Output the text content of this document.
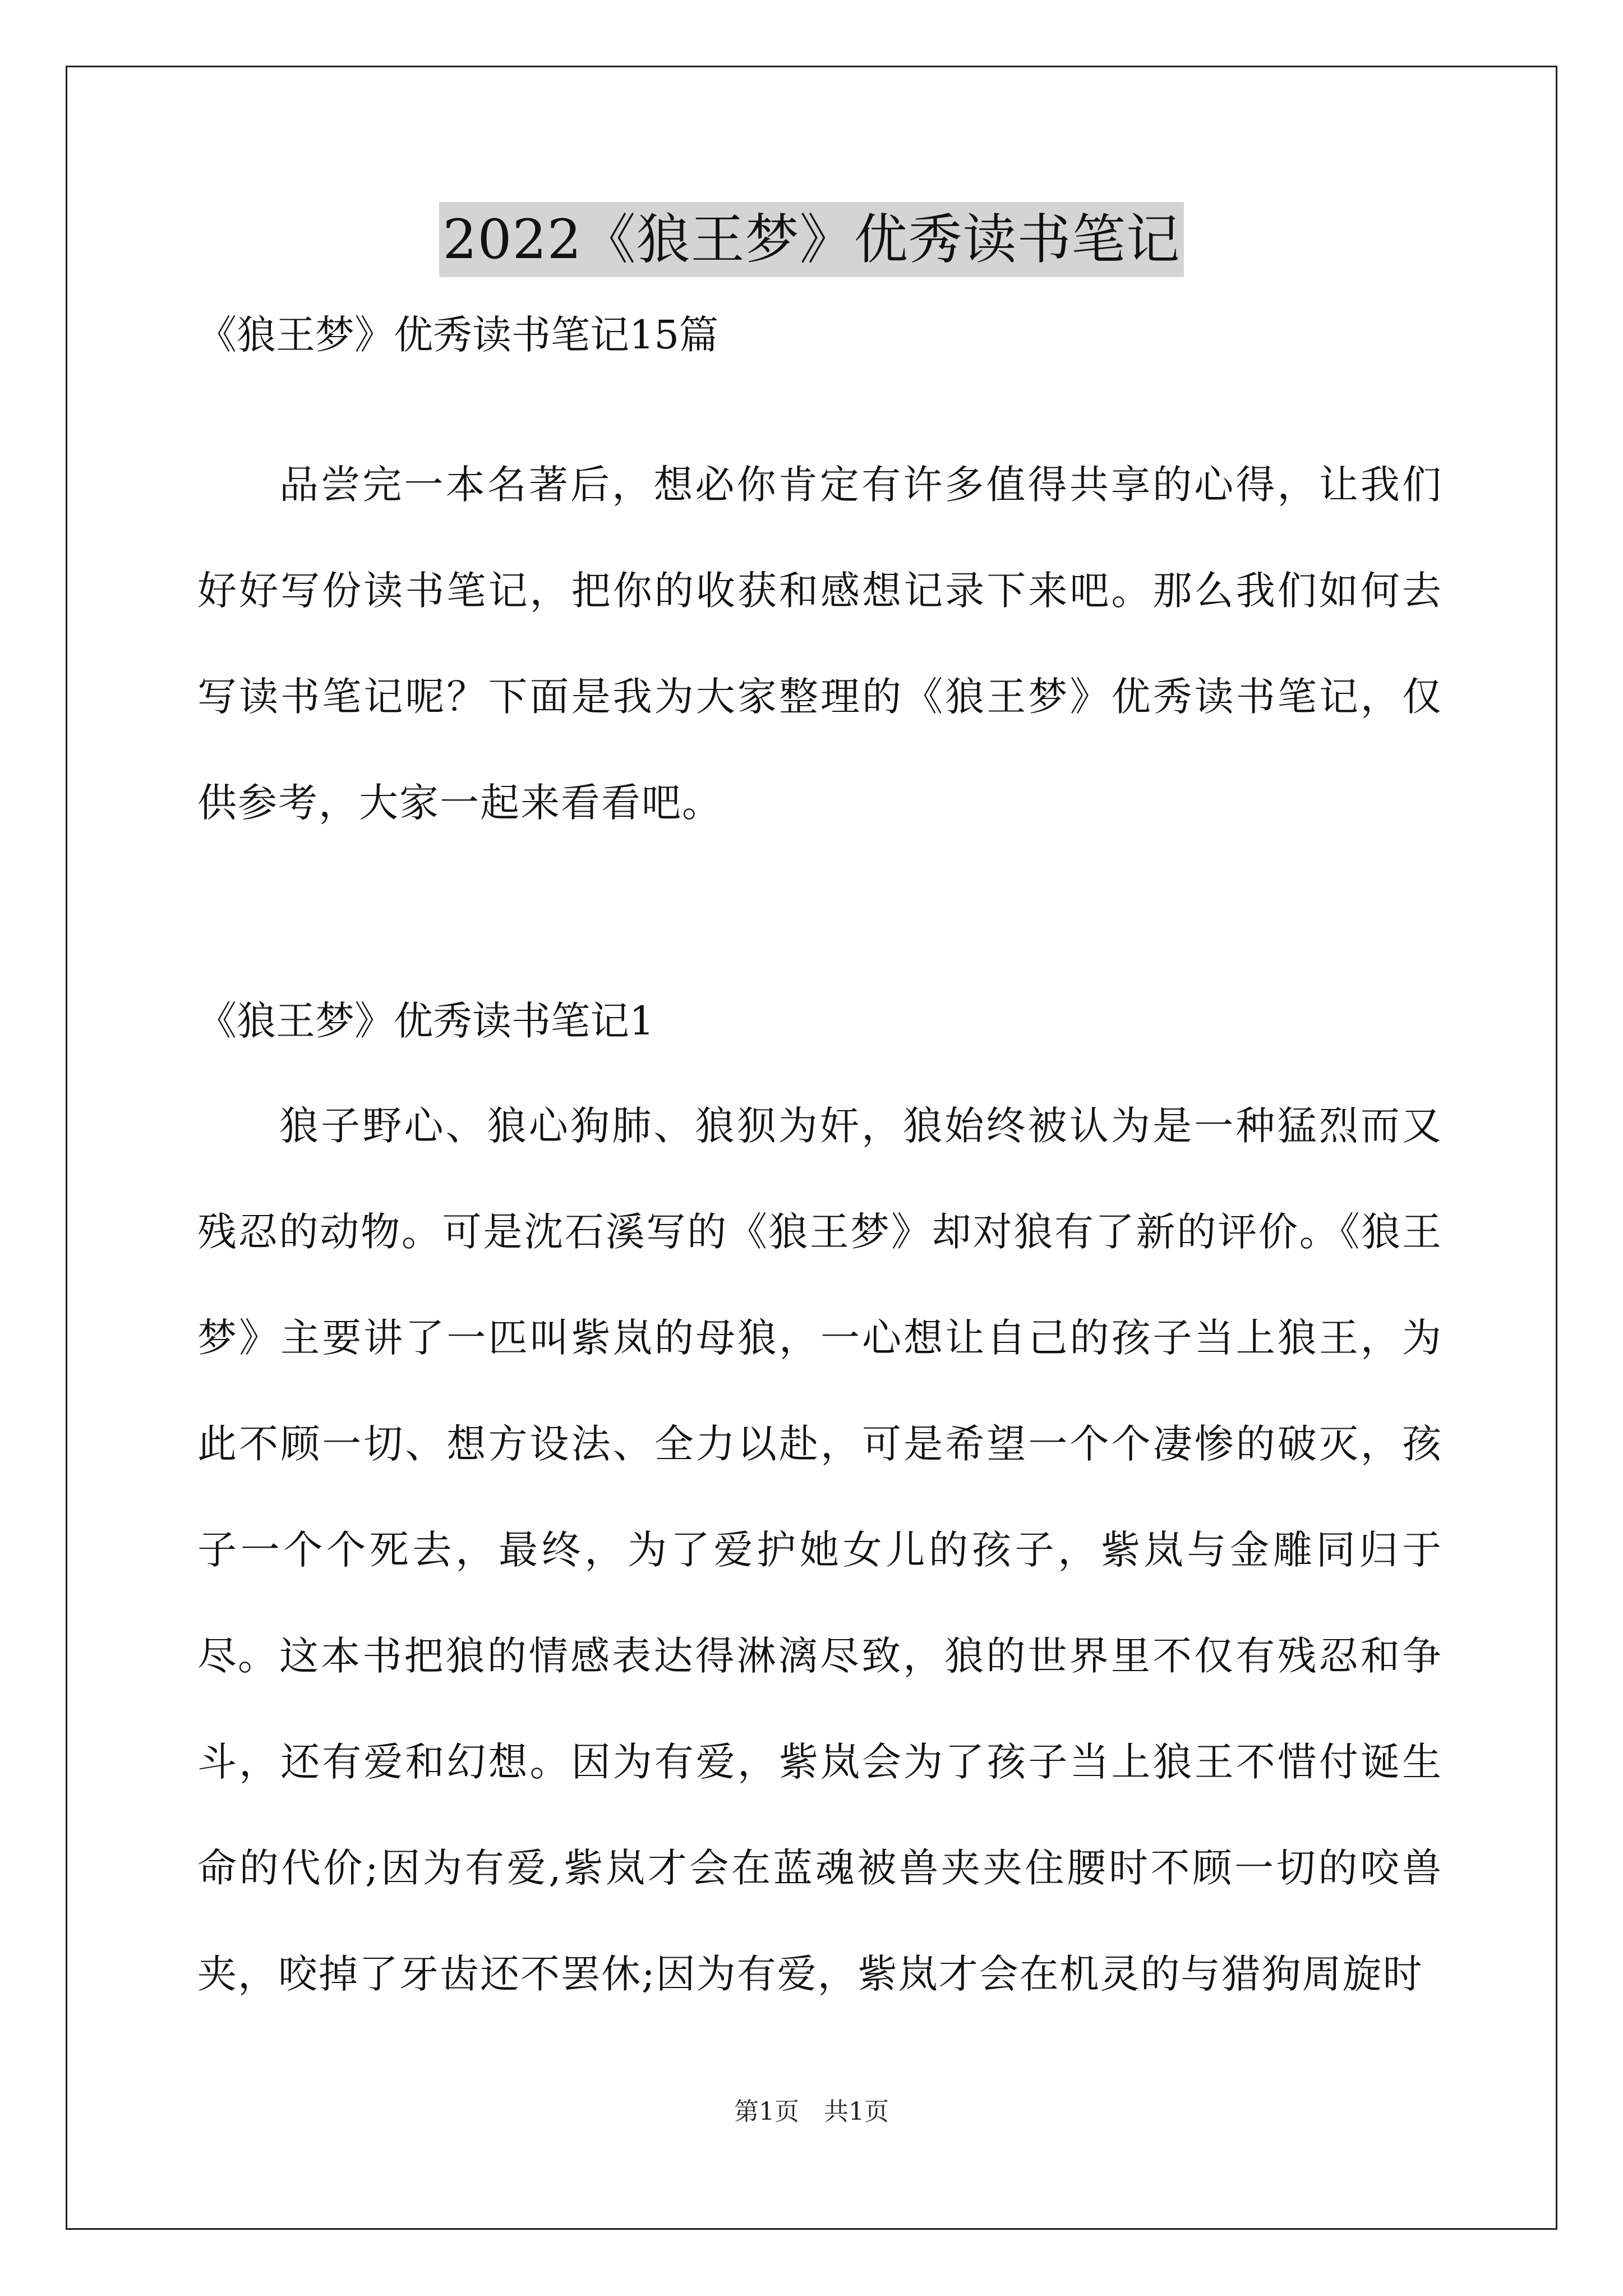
2022《狼王梦》优秀读书笔记
《狼王梦》优秀读书笔记15篇

品尝完一本名著后，想必你肯定有许多值得共享的心得，让我们好好写份读书笔记，把你的收获和感想记录下来吧。那么我们如何去写读书笔记呢？下面是我为大家整理的《狼王梦》优秀读书笔记，仅供参考，大家一起来看看吧。

《狼王梦》优秀读书笔记1

狼子野心、狼心狗肺、狼狈为奸，狼始终被认为是一种猛烈而又残忍的动物。可是沈石溪写的《狼王梦》却对狼有了新的评价。《狼王梦》主要讲了一匹叫紫岚的母狼，一心想让自己的孩子当上狼王，为此不顾一切、想方设法、全力以赴，可是希望一个个凄惨的破灭，孩子一个个死去，最终，为了爱护她女儿的孩子，紫岚与金雕同归于尽。 这本书把狼的情感表达得淋漓尽致，狼的世界里不仅有残忍和争斗，还有爱和幻想。因为有爱，紫岚会为了孩子当上狼王不惜付诞生命的代价;因为有爱,紫岚才会在蓝魂被兽夹夹住腰时不顾一切的咬兽夹，咬掉了牙齿还不罢休;因为有爱，紫岚才会在机灵的与猎狗周旋时

第1页 共1页
